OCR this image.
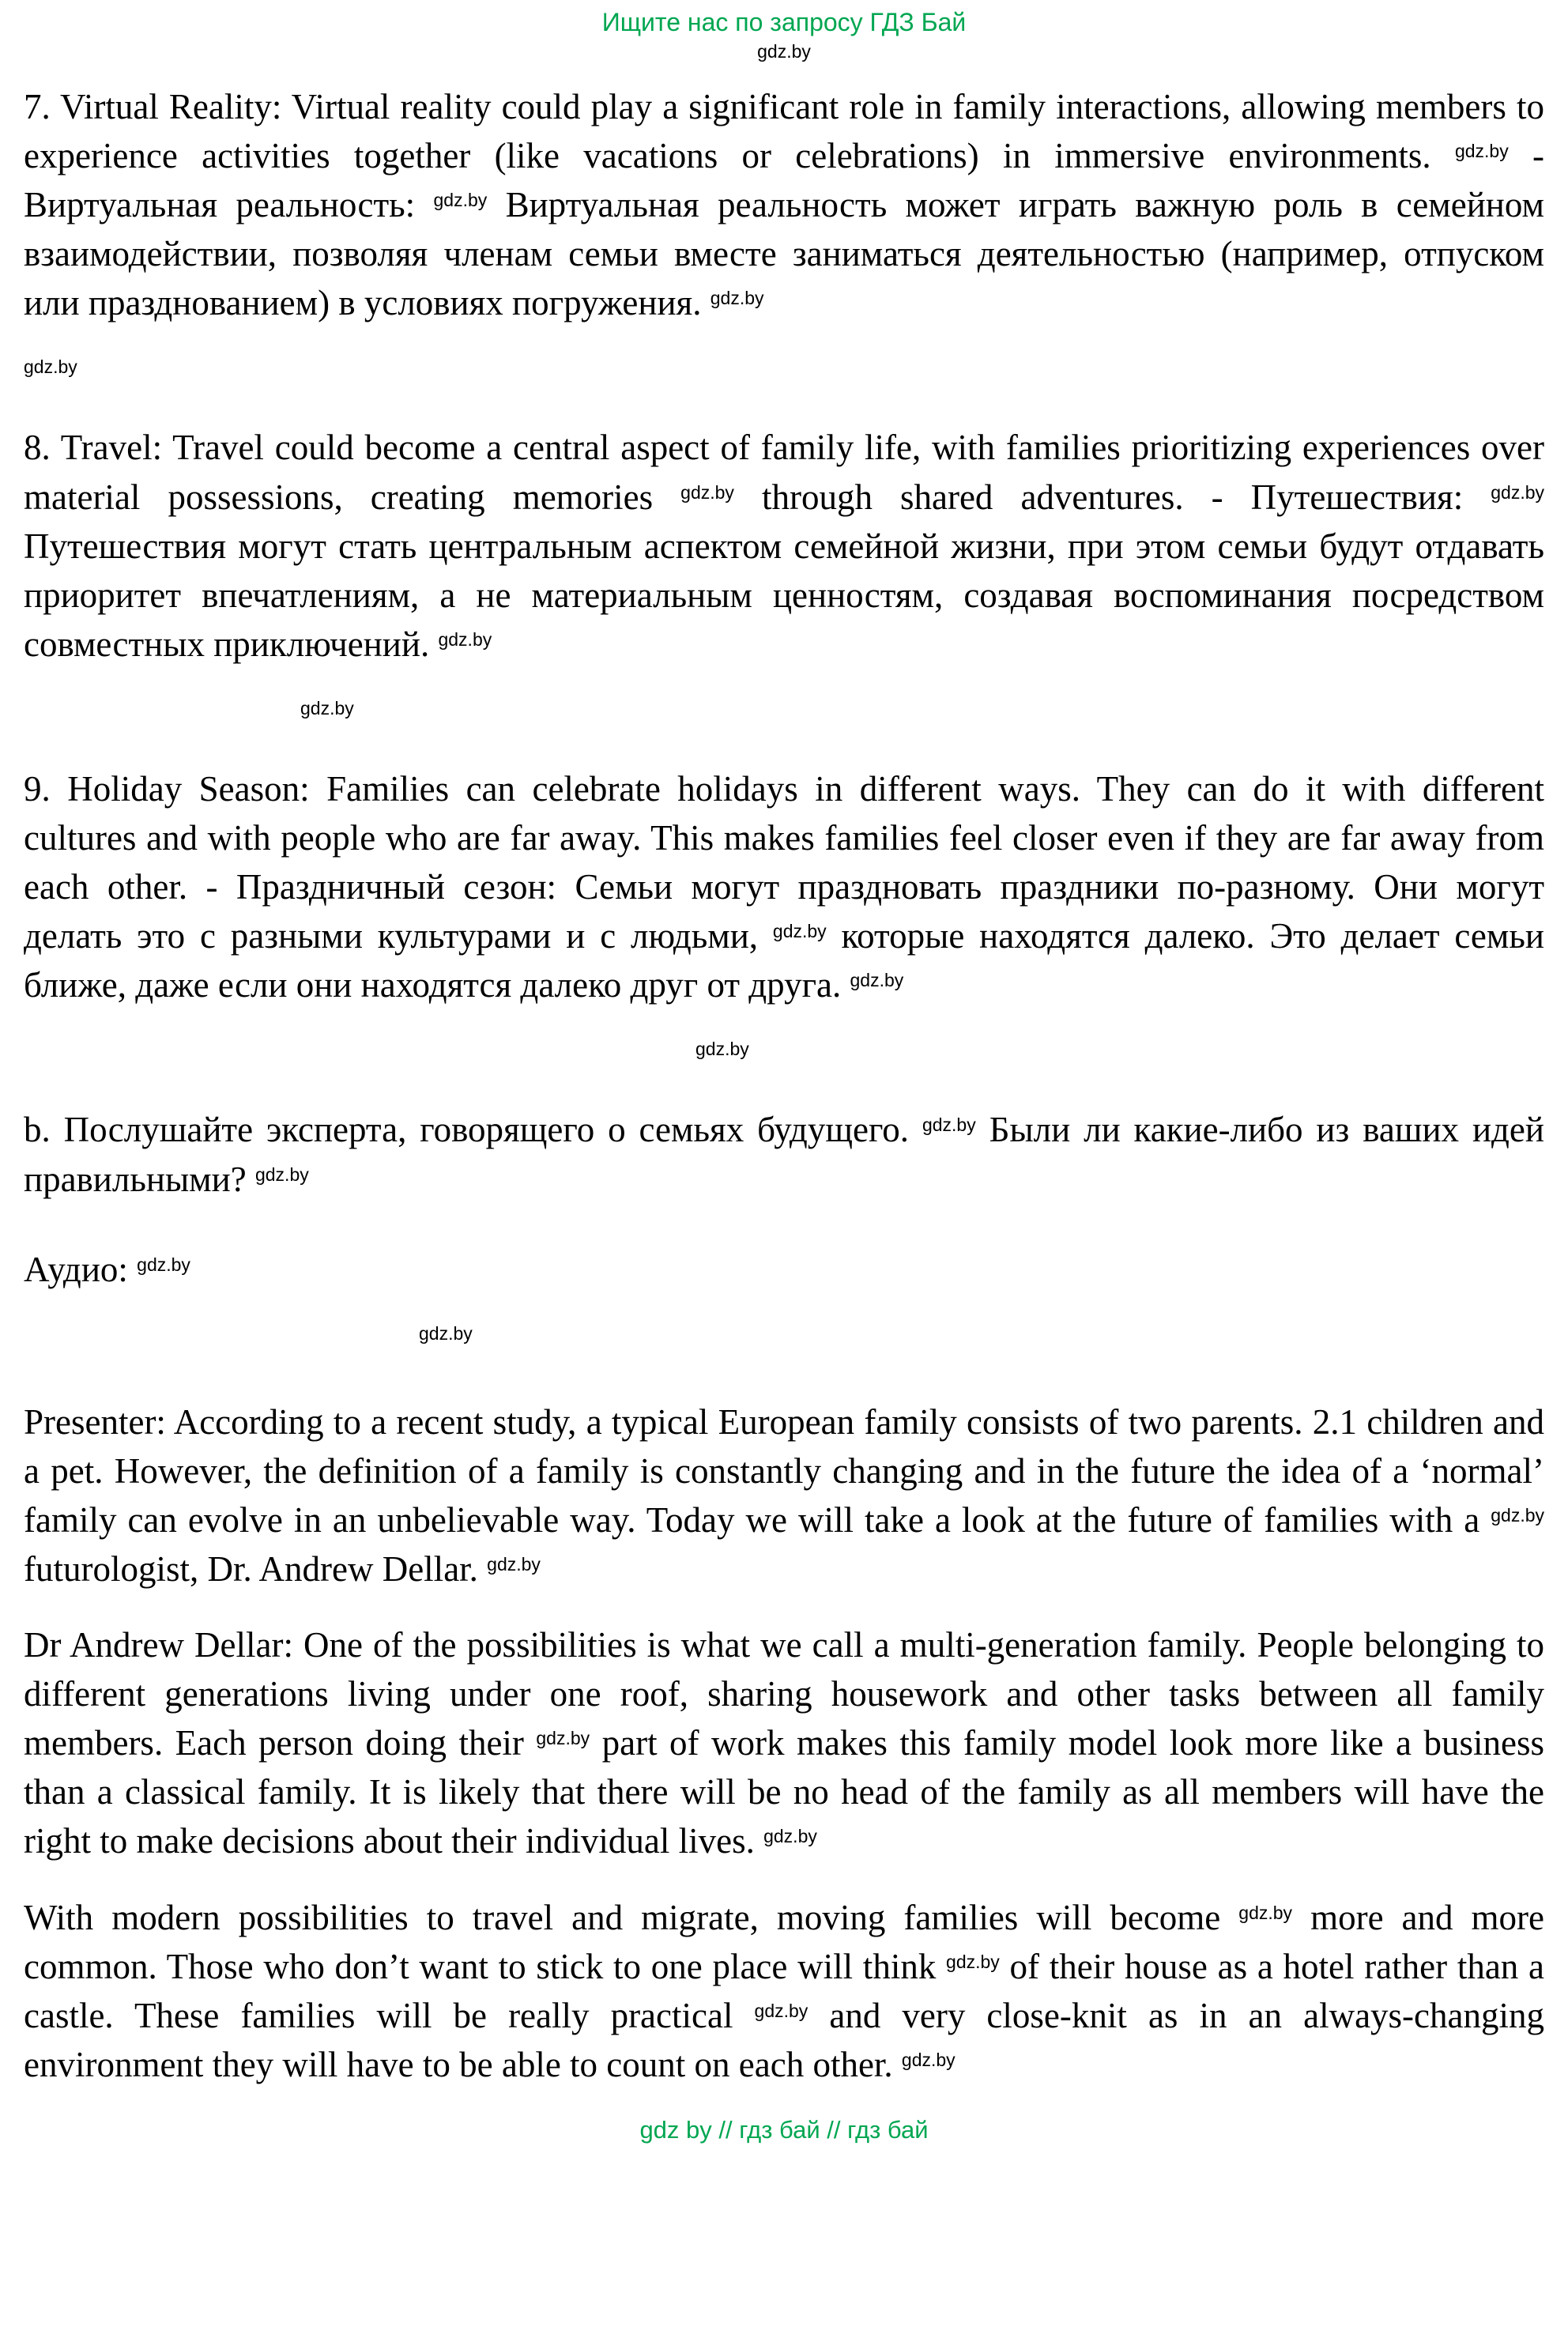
Ищите нас по запросу ГДЗ Бай
$^{gdz.by}$

7. Virtual Reality: Virtual reality could play a significant role in family interactions, allowing members to experience activities together (like vacations or celebrations) in immersive environments. $^{gdz.by}$ - Виртуальная реальность: $^{gdz.by}$ Виртуальная реальность может играть важную роль в семейном взаимодействии, позволяя членам семьи вместе заниматься деятельностью (например, отпуском или празднованием) в условиях погружения. $^{gdz.by}$

$^{gdz.by}$

8. Travel: Travel could become a central aspect of family life, with families prioritizing experiences over material possessions, creating memories $^{gdz.by}$ through shared adventures. - Путешествия: $^{gdz.by}$ Путешествия могут стать центральным аспектом семейной жизни, при этом семьи будут отдавать приоритет впечатлениям, а не материальным ценностям, создавая воспоминания посредством совместных приключений. $^{gdz.by}$

$^{gdz.by}$

9. Holiday Season: Families can celebrate holidays in different ways. They can do it with different cultures and with people who are far away. This makes families feel closer even if they are far away from each other. - Праздничный сезон: Семьи могут праздновать праздники по-разному. Они могут делать это с разными культурами и с людьми, $^{gdz.by}$ которые находятся далеко. Это делает семьи ближе, даже если они находятся далеко друг от друга. $^{gdz.by}$

$^{gdz.by}$

b. Послушайте эксперта, говорящего о семьях будущего. $^{gdz.by}$ Были ли какие-либо из ваших идей правильными? $^{gdz.by}$

Аудио: $^{gdz.by}$

$^{gdz.by}$

Presenter: According to a recent study, a typical European family consists of two parents. 2.1 children and a pet. However, the definition of a family is constantly changing and in the future the idea of a ‘normal’ family can evolve in an unbelievable way. Today we will take a look at the future of families with a $^{gdz.by}$ futurologist, Dr. Andrew Dellar. $^{gdz.by}$

Dr Andrew Dellar: One of the possibilities is what we call a multi-generation family. People belonging to different generations living under one roof, sharing housework and other tasks between all family members. Each person doing their $^{gdz.by}$ part of work makes this family model look more like a business than a classical family. It is likely that there will be no head of the family as all members will have the right to make decisions about their individual lives. $^{gdz.by}$

With modern possibilities to travel and migrate, moving families will become $^{gdz.by}$ more and more common. Those who don’t want to stick to one place will think $^{gdz.by}$ of their house as a hotel rather than a castle. These families will be really practical $^{gdz.by}$ and very close-knit as in an always-changing environment they will have to be able to count on each other. $^{gdz.by}$

gdz by // гдз бай // гдз бай
